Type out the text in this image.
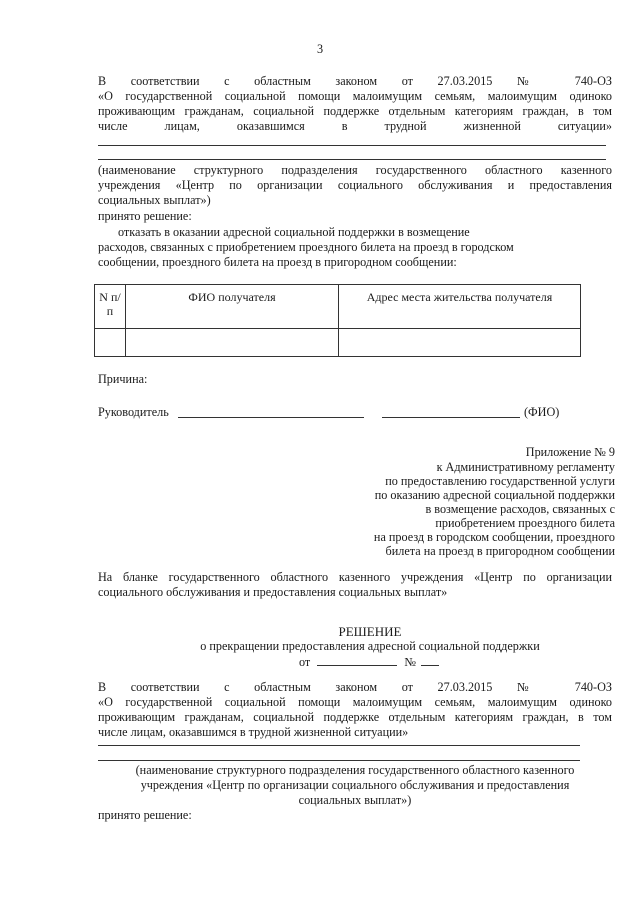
3
В соответствии с областным законом от 27.03.2015 № 740-ОЗ
«О государственной социальной помощи малоимущим семьям, малоимущим одиноко
проживающим гражданам, социальной поддержке отдельным категориям граждан, в том
числе лицам, оказавшимся в трудной жизненной ситуации»
(наименование структурного подразделения государственного областного казенного
учреждения «Центр по организации социального обслуживания и предоставления
социальных выплат»)
принято решение:
отказать в оказании адресной социальной поддержки в возмещение
расходов, связанных с приобретением проездного билета на проезд в городском
сообщении, проездного билета на проезд в пригородном сообщении:
N п/п	ФИО получателя	Адрес места жительства получателя

Причина:
Руководитель	(ФИО)
Приложение № 9
к Административному регламенту
по предоставлению государственной услуги
по оказанию адресной социальной поддержки
в возмещение расходов, связанных с
приобретением проездного билета
на проезд в городском сообщении, проездного
билета на проезд в пригородном сообщении
На бланке государственного областного казенного учреждения «Центр по организации
социального обслуживания и предоставления социальных выплат»
РЕШЕНИЕ
о прекращении предоставления адресной социальной поддержки
от	№
В соответствии с областным законом от 27.03.2015 № 740-ОЗ
«О государственной социальной помощи малоимущим семьям, малоимущим одиноко
проживающим гражданам, социальной поддержке отдельным категориям граждан, в том
числе лицам, оказавшимся в трудной жизненной ситуации»
(наименование структурного подразделения государственного областного казенного
учреждения «Центр по организации социального обслуживания и предоставления
социальных выплат»)
принято решение:
